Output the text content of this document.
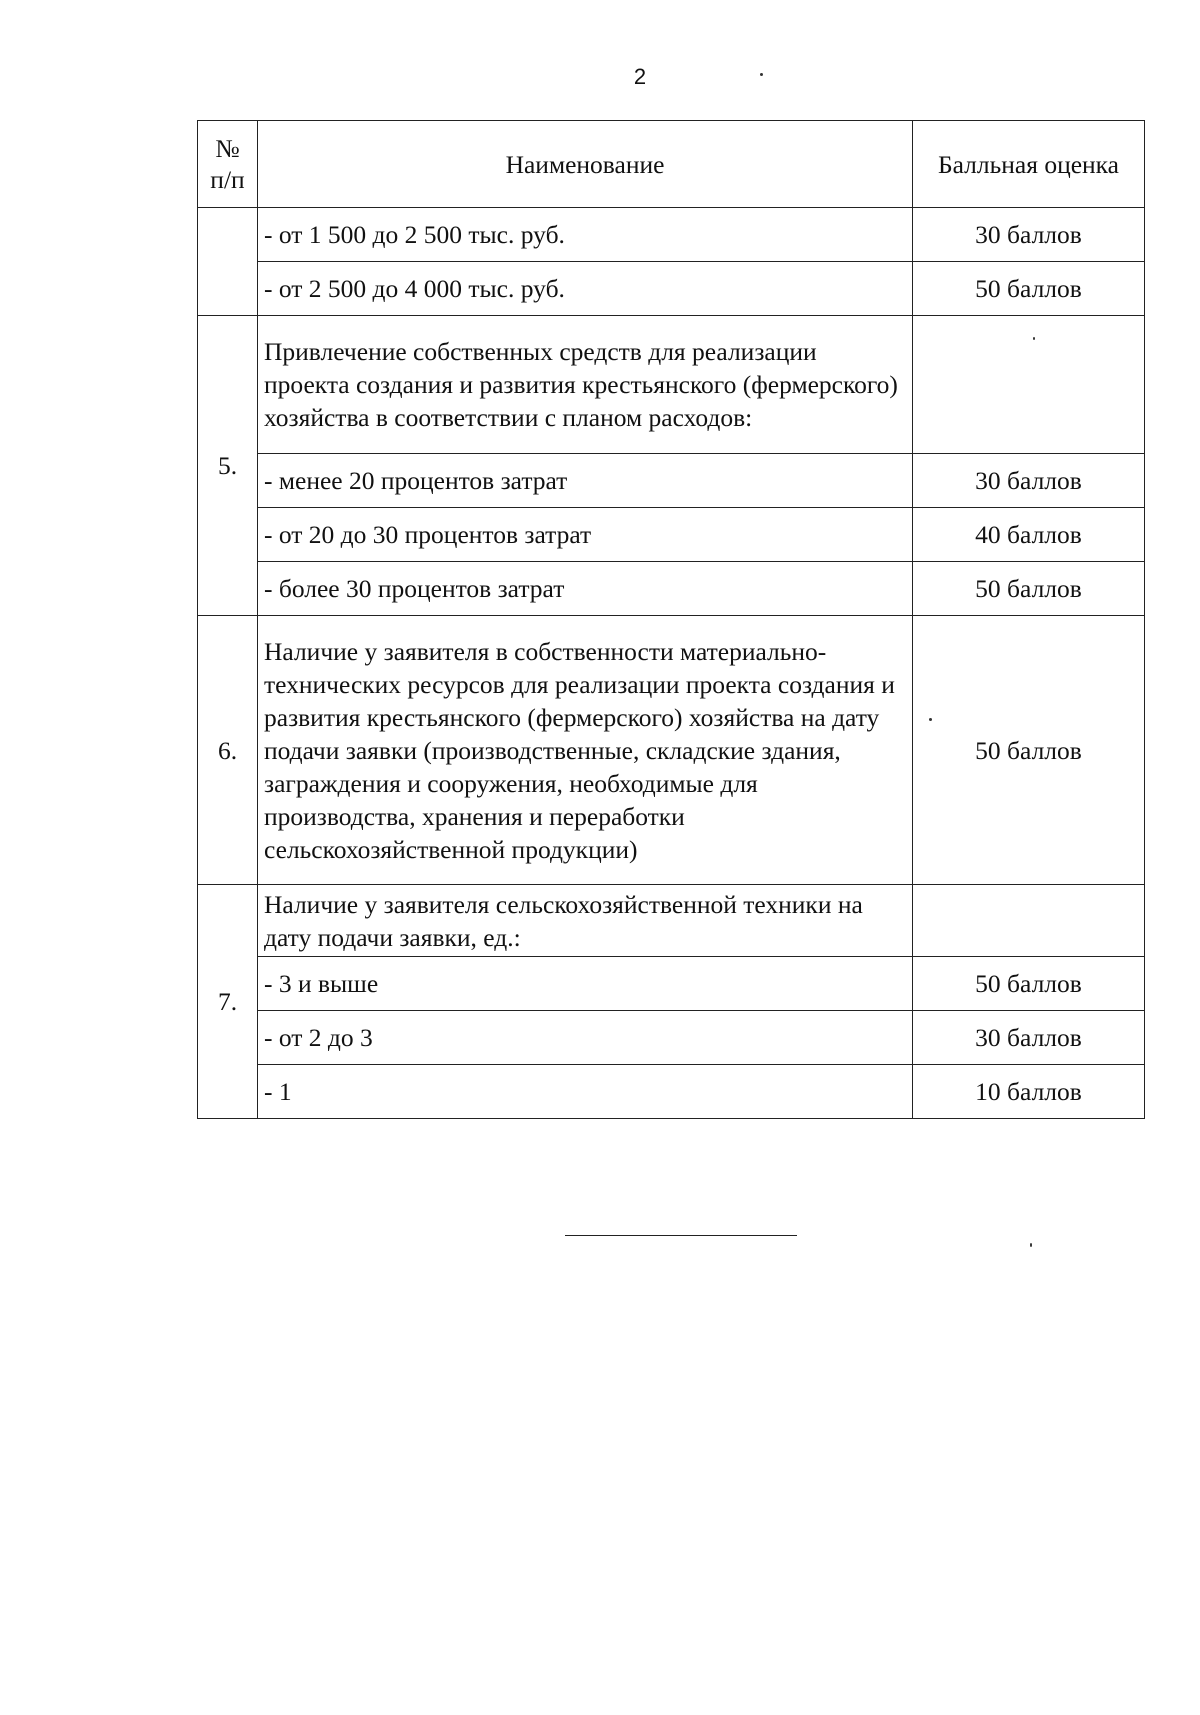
2
№
п/п	Наименование	Балльная оценка
	- от 1 500 до 2 500 тыс. руб.	30 баллов
	- от 2 500 до 4 000 тыс. руб.	50 баллов
5.	Привлечение собственных средств для реализации проекта создания и развития крестьянского (фермерского) хозяйства в соответствии с планом расходов:	
	- менее 20 процентов затрат	30 баллов
	- от 20 до 30 процентов затрат	40 баллов
	- более 30 процентов затрат	50 баллов
6.	Наличие у заявителя в собственности материально-технических ресурсов для реализации проекта создания и развития крестьянского (фермерского) хозяйства на дату подачи заявки (производственные, складские здания, заграждения и сооружения, необходимые для производства, хранения и переработки сельскохозяйственной продукции)	50 баллов
7.	Наличие у заявителя сельскохозяйственной техники на дату подачи заявки, ед.:	
	- 3 и выше	50 баллов
	- от 2 до 3	30 баллов
	- 1	10 баллов
